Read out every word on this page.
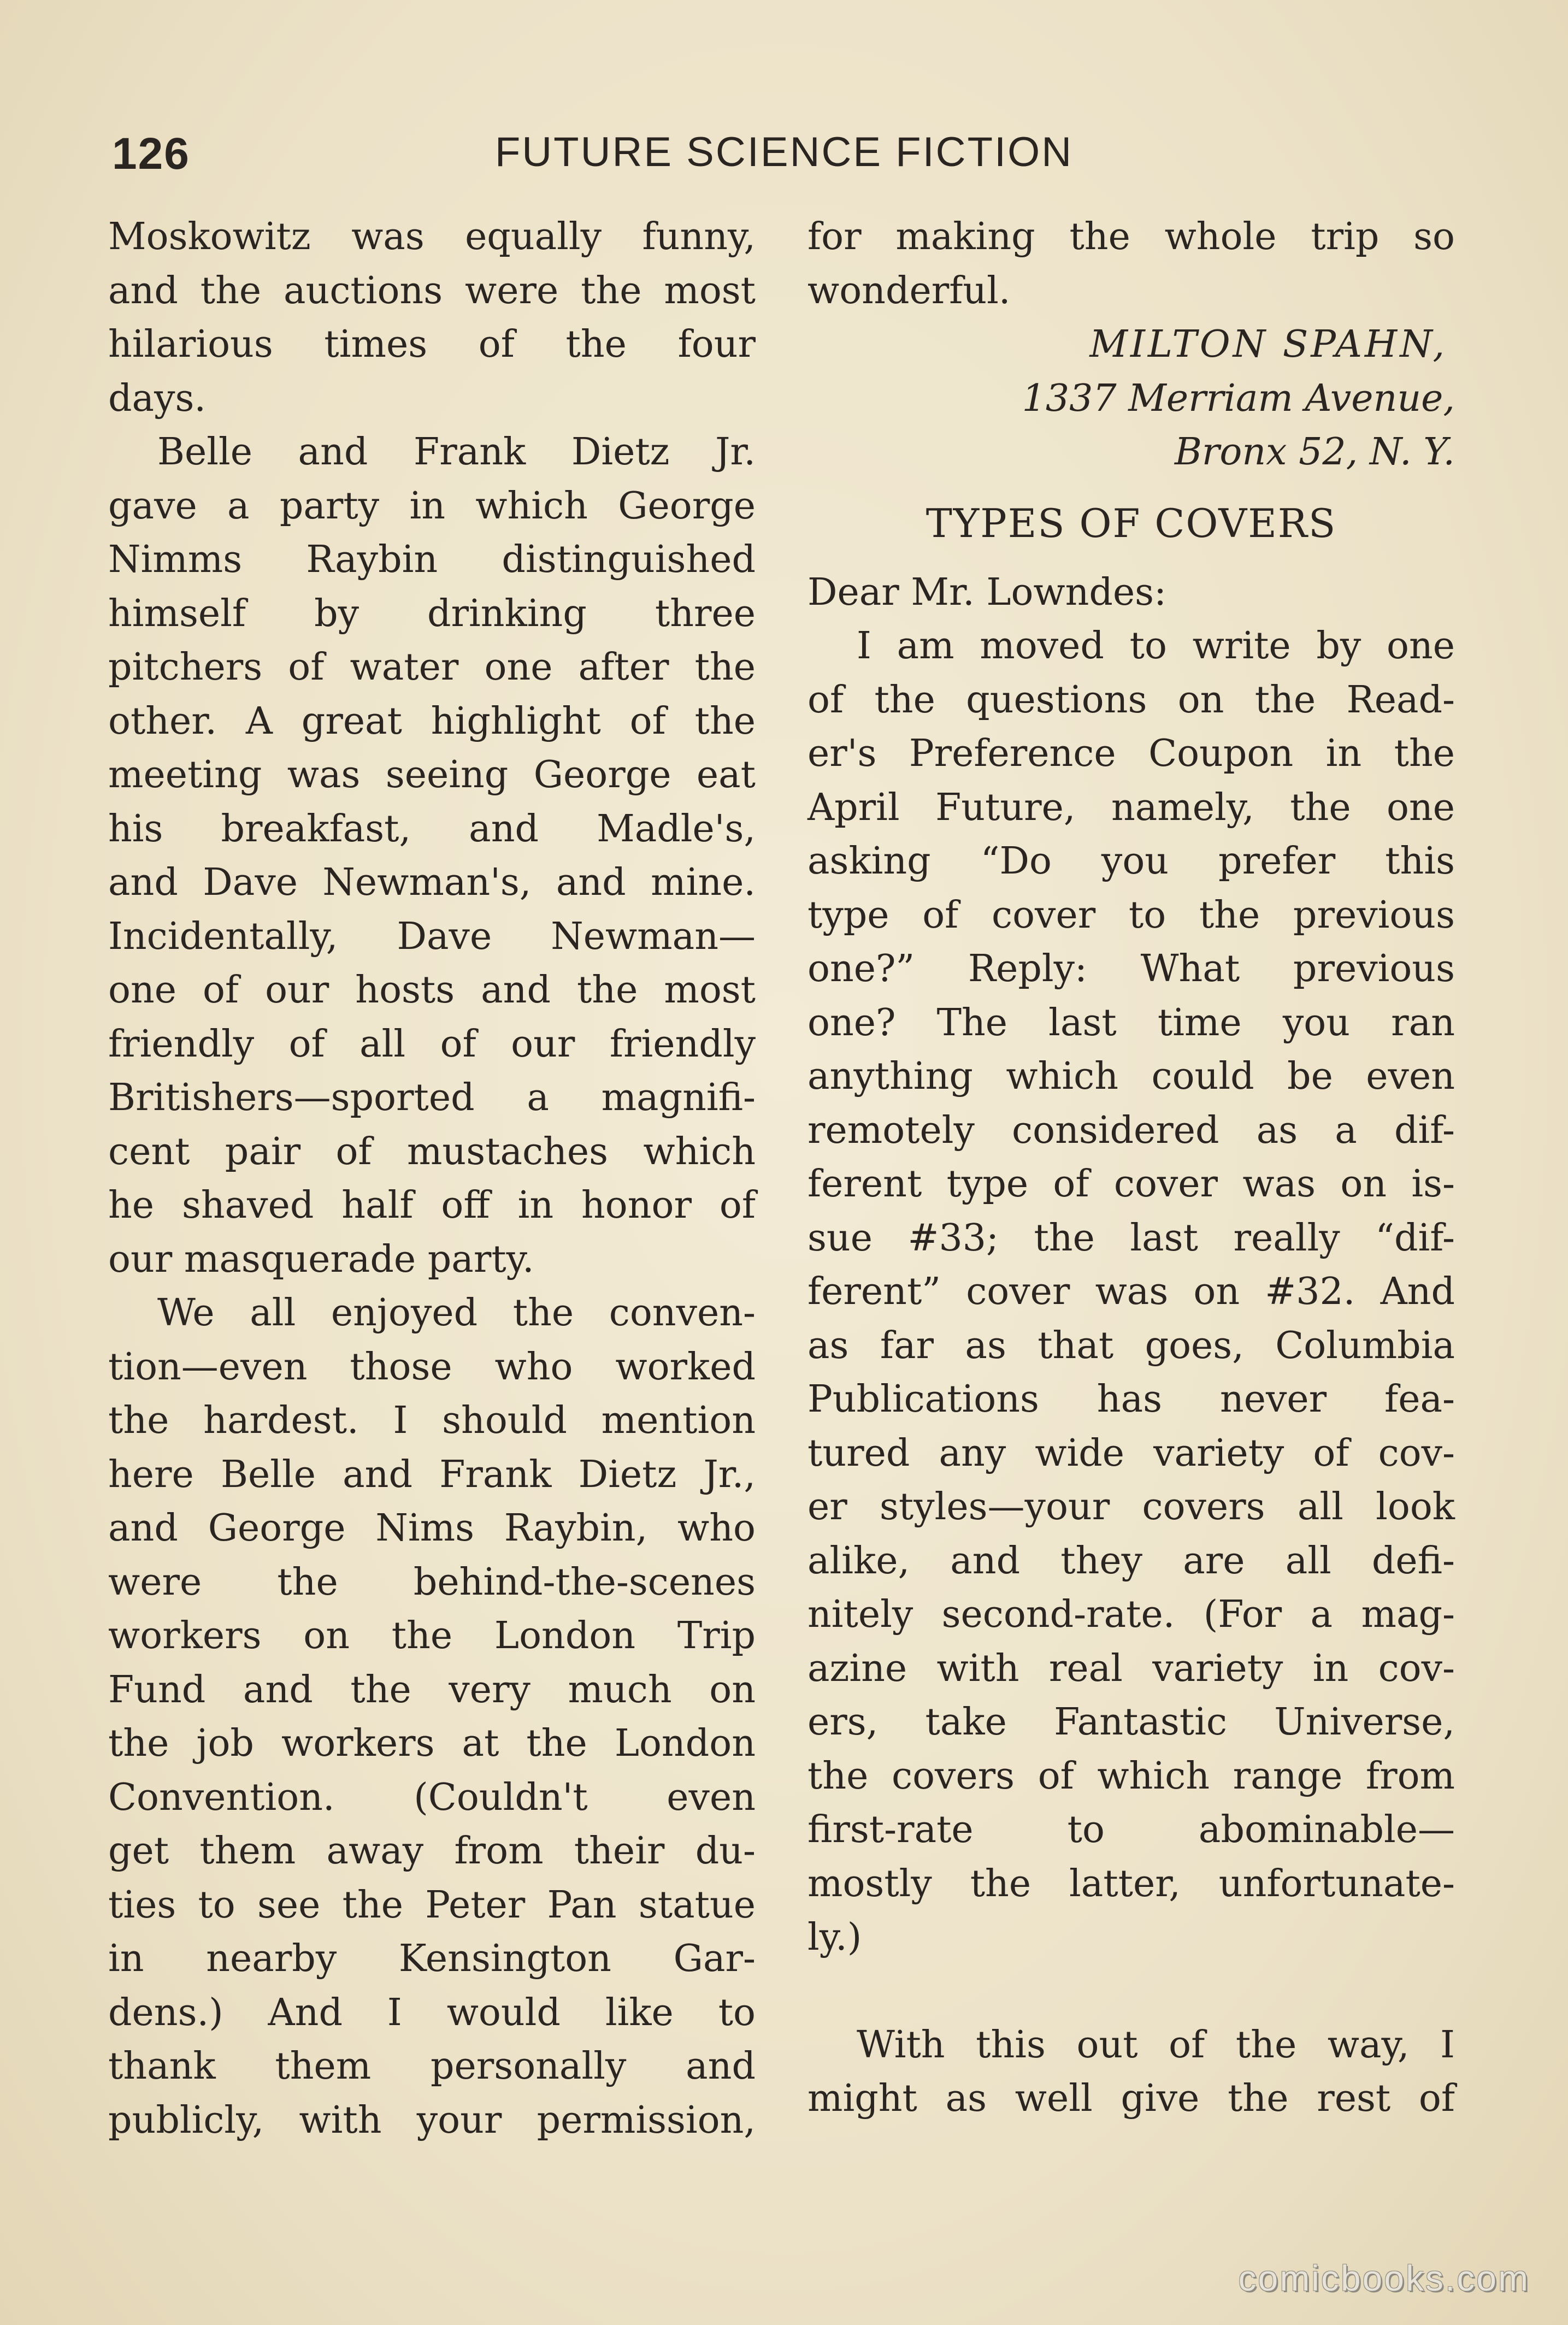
126	FUTURE SCIENCE FICTION
Moskowitz was equally funny,
and the auctions were the most
hilarious times of the four
days.
Belle and Frank Dietz Jr.
gave a party in which George
Nimms Raybin distinguished
himself by drinking three
pitchers of water one after the
other. A great highlight of the
meeting was seeing George eat
his breakfast, and Madle's,
and Dave Newman's, and mine.
Incidentally, Dave Newman—
one of our hosts and the most
friendly of all of our friendly
Britishers—sported a magnifi-
cent pair of mustaches which
he shaved half off in honor of
our masquerade party.
We all enjoyed the conven-
tion—even those who worked
the hardest. I should mention
here Belle and Frank Dietz Jr.,
and George Nims Raybin, who
were the behind-the-scenes
workers on the London Trip
Fund and the very much on
the job workers at the London
Convention. (Couldn't even
get them away from their du-
ties to see the Peter Pan statue
in nearby Kensington Gar-
dens.) And I would like to
thank them personally and
publicly, with your permission,
for making the whole trip so
wonderful.
MILTON SPAHN,
1337 Merriam Avenue,
Bronx 52, N. Y.
TYPES OF COVERS
Dear Mr. Lowndes:
I am moved to write by one
of the questions on the Read-
er's Preference Coupon in the
April Future, namely, the one
asking “Do you prefer this
type of cover to the previous
one?” Reply: What previous
one? The last time you ran
anything which could be even
remotely considered as a dif-
ferent type of cover was on is-
sue #33; the last really “dif-
ferent” cover was on #32. And
as far as that goes, Columbia
Publications has never fea-
tured any wide variety of cov-
er styles—your covers all look
alike, and they are all defi-
nitely second-rate. (For a mag-
azine with real variety in cov-
ers, take Fantastic Universe,
the covers of which range from
first-rate to abominable—
mostly the latter, unfortunate-
ly.)
With this out of the way, I
might as well give the rest of
comicbooks.com
